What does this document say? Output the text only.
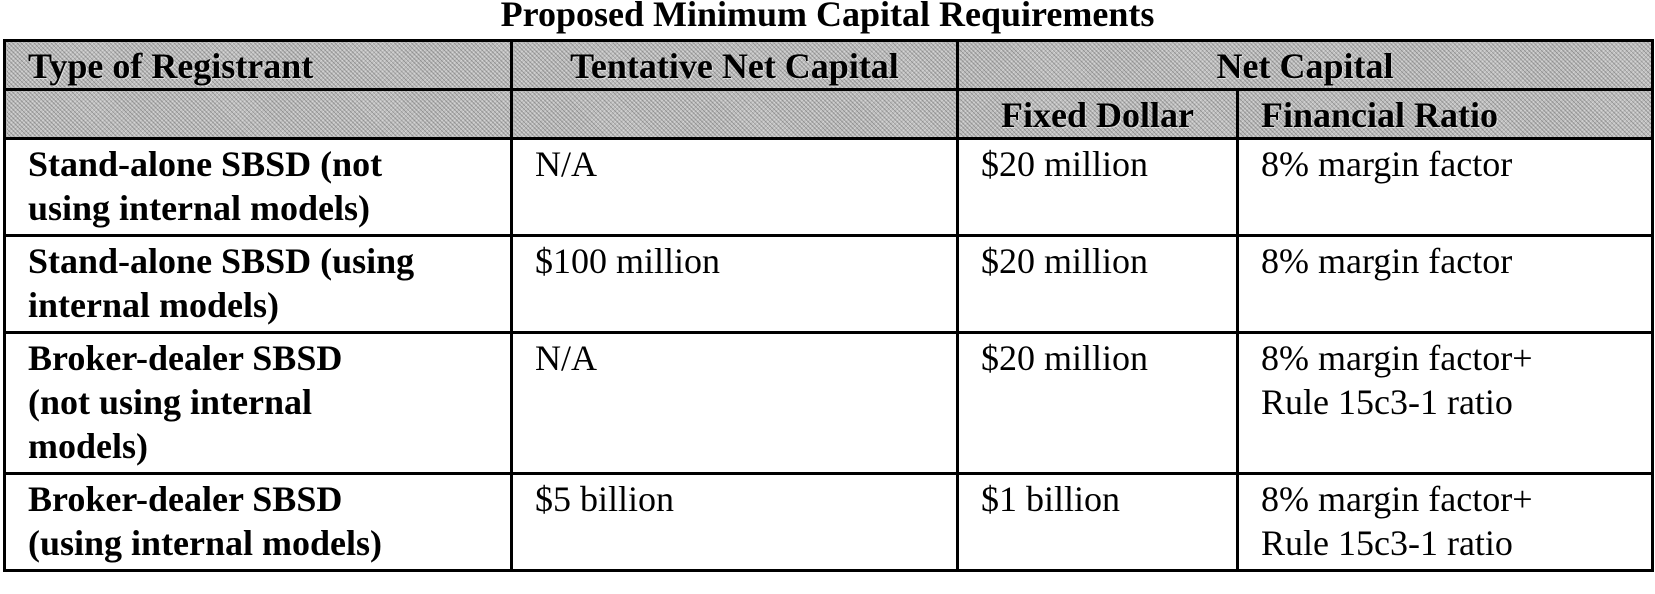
Proposed Minimum Capital Requirements
Type of Registrant	Tentative Net Capital	Net Capital	

		Fixed Dollar	Financial Ratio

Stand-alone SBSD (not
using internal models)	N/A	$20 million	8% margin factor

Stand-alone SBSD (using
internal models)	$100 million	$20 million	8% margin factor

Broker-dealer SBSD
(not using internal
models)	N/A	$20 million	8% margin factor+
Rule 15c3-1 ratio

Broker-dealer SBSD
(using internal models)	$5 billion	$1 billion	8% margin factor+
Rule 15c3-1 ratio
